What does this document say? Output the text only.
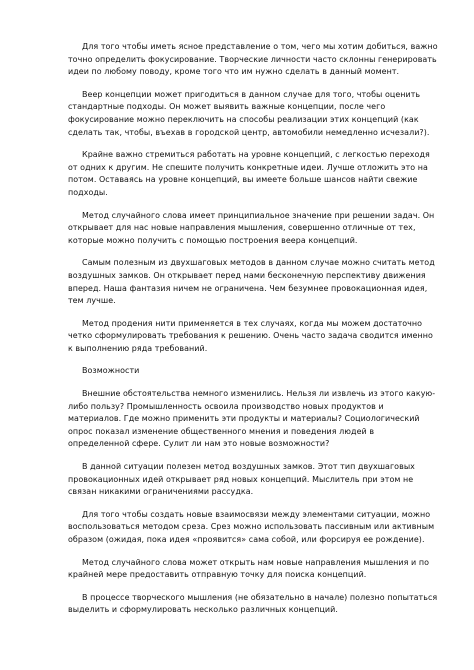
Для того чтобы иметь ясное представление о том, чего мы хотим добиться, важно точно определить фокусирование. Творческие личности часто склонны генерировать идеи по любому поводу, кроме того что им нужно сделать в данный момент.

Веер концепции может пригодиться в данном случае для того, чтобы оценить стандартные подходы. Он может выявить важные концепции, после чего фокусирование можно переключить на способы реализации этих концепций (как сделать так, чтобы, въехав в городской центр, автомобили немедленно исчезали?).

Крайне важно стремиться работать на уровне концепций, с легкостью переходя от одних к другим. Не спешите получить конкретные идеи. Лучше отложить это на потом. Оставаясь на уровне концепций, вы имеете больше шансов найти свежие подходы.

Метод случайного слова имеет принципиальное значение при решении задач. Он открывает для нас новые направления мышления, совершенно отличные от тех, которые можно получить с помощью построения веера концепций.

Самым полезным из двухшаговых методов в данном случае можно считать метод воздушных замков. Он открывает перед нами бесконечную перспективу движения вперед. Наша фантазия ничем не ограничена. Чем безумнее провокационная идея, тем лучше.

Метод продения нити применяется в тех случаях, когда мы можем достаточно четко сформулировать требования к решению. Очень часто задача сводится именно к выполнению ряда требований.

Возможности

Внешние обстоятельства немного изменились. Нельзя ли извлечь из этого какую-либо пользу? Промышленность освоила производство новых продуктов и материалов. Где можно применить эти продукты и материалы? Социологический опрос показал изменение общественного мнения и поведения людей в определенной сфере. Сулит ли нам это новые возможности?

В данной ситуации полезен метод воздушных замков. Этот тип двухшаговых провокационных идей открывает ряд новых концепций. Мыслитель при этом не связан никакими ограничениями рассудка.

Для того чтобы создать новые взаимосвязи между элементами ситуации, можно воспользоваться методом среза. Срез можно использовать пассивным или активным образом (ожидая, пока идея «проявится» сама собой, или форсируя ее рождение).

Метод случайного слова может открыть нам новые направления мышления и по крайней мере предоставить отправную точку для поиска концепций.

В процессе творческого мышления (не обязательно в начале) полезно попытаться выделить и сформулировать несколько различных концепций.
